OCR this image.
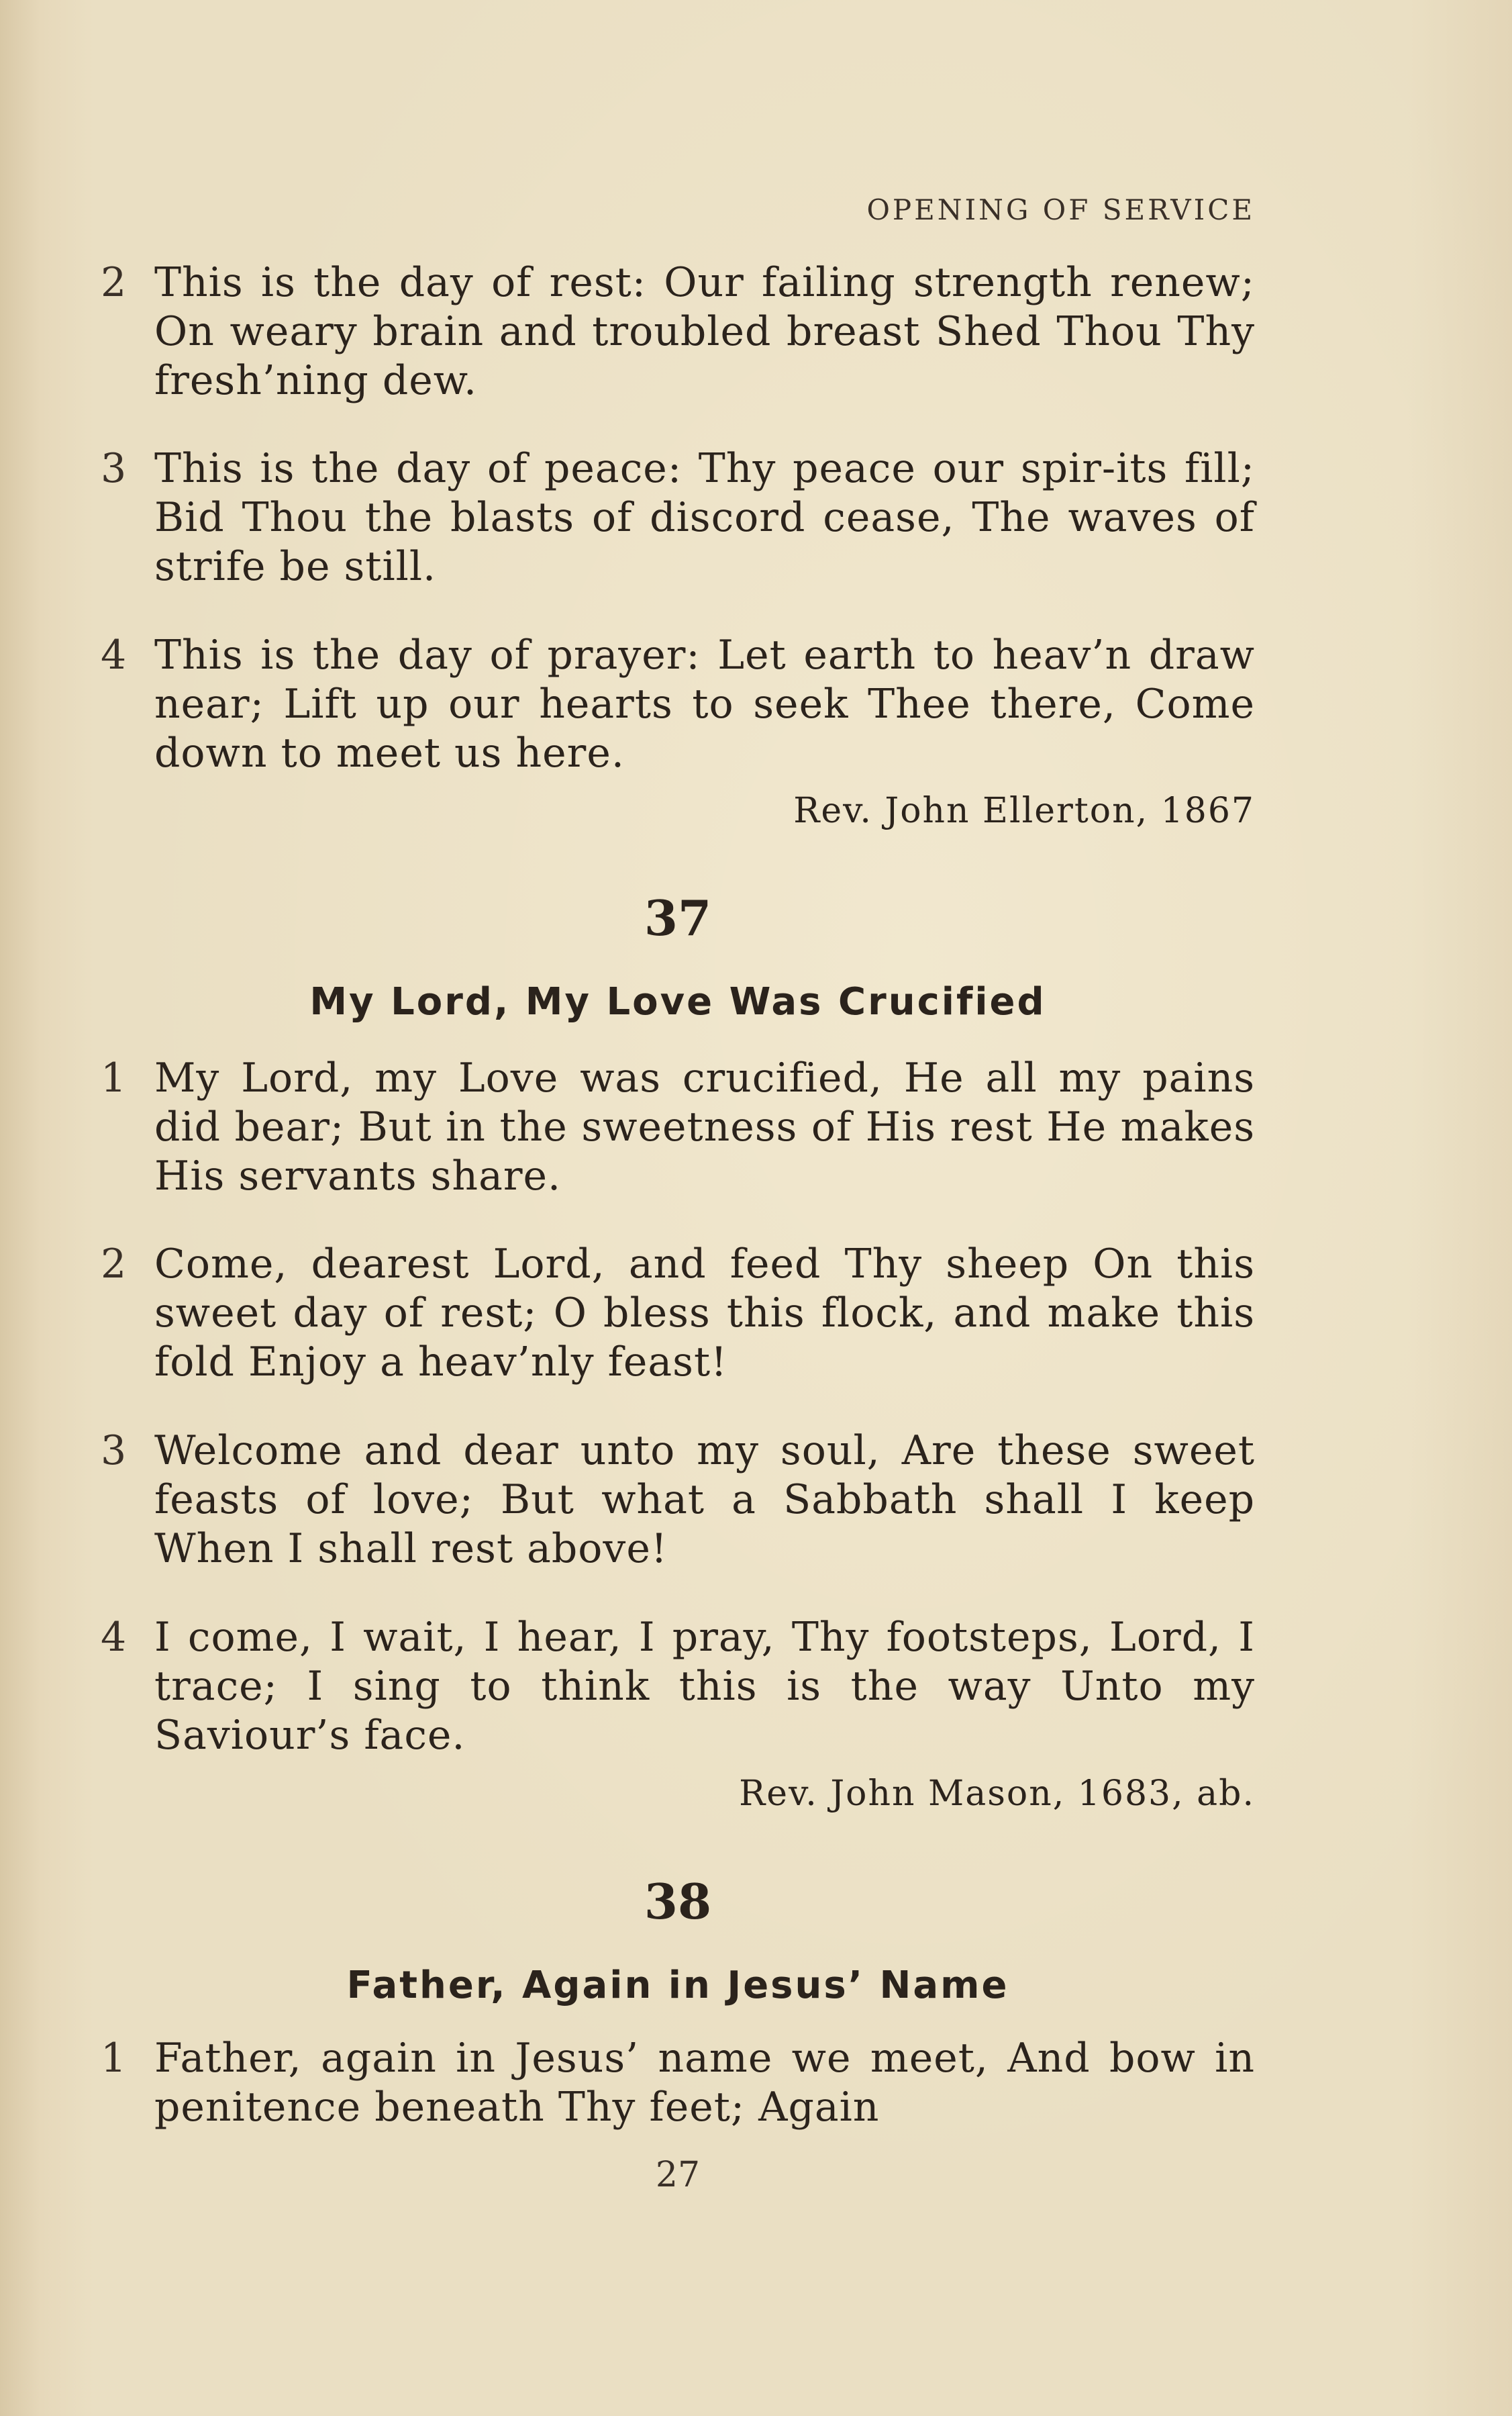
OPENING OF SERVICE
2 This is the day of rest: Our failing strength renew; On weary brain and troubled breast Shed Thou Thy fresh’ning dew.
3 This is the day of peace: Thy peace our spir-its fill; Bid Thou the blasts of discord cease, The waves of strife be still.
4 This is the day of prayer: Let earth to heav’n draw near; Lift up our hearts to seek Thee there, Come down to meet us here.
Rev. John Ellerton, 1867
37
My Lord, My Love Was Crucified
1 My Lord, my Love was crucified, He all my pains did bear; But in the sweetness of His rest He makes His servants share.
2 Come, dearest Lord, and feed Thy sheep On this sweet day of rest; O bless this flock, and make this fold Enjoy a heav’nly feast!
3 Welcome and dear unto my soul, Are these sweet feasts of love; But what a Sabbath shall I keep When I shall rest above!
4 I come, I wait, I hear, I pray, Thy footsteps, Lord, I trace; I sing to think this is the way Unto my Saviour’s face.
Rev. John Mason, 1683, ab.
38
Father, Again in Jesus’ Name
1 Father, again in Jesus’ name we meet, And bow in penitence beneath Thy feet; Again
27
